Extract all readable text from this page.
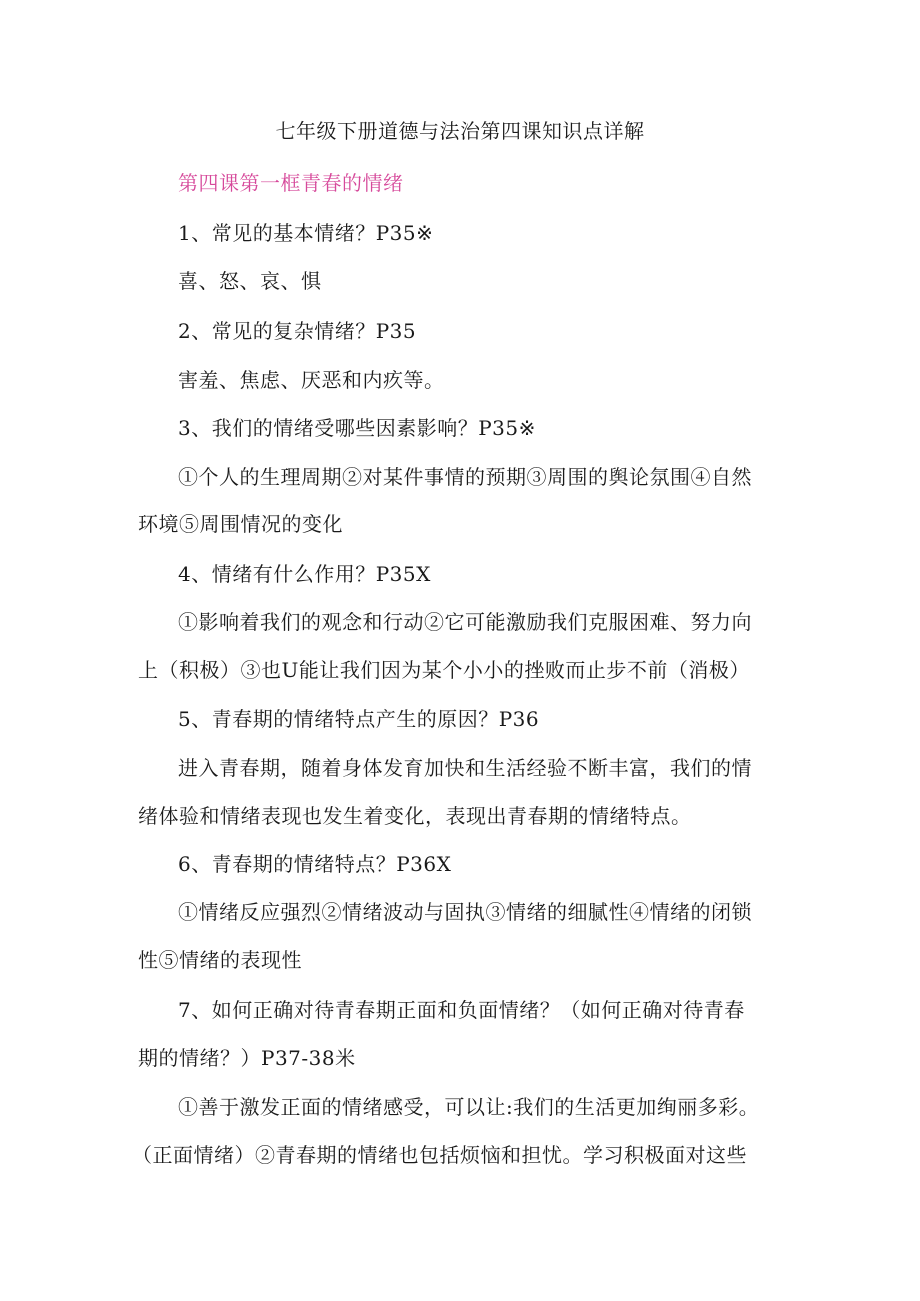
七年级下册道德与法治第四课知识点详解
第四课第一框青春的情绪
1、常见的基本情绪？P35※
喜、怒、哀、惧
2、常见的复杂情绪？P35
害羞、焦虑、厌恶和内疚等。
3、我们的情绪受哪些因素影响？P35※
①个人的生理周期②对某件事情的预期③周围的舆论氛围④自然
环境⑤周围情况的变化
4、情绪有什么作用？P35X
①影响着我们的观念和行动②它可能激励我们克服困难、努力向
上（积极）③也U能让我们因为某个小小的挫败而止步不前（消极）
5、青春期的情绪特点产生的原因？P36
进入青春期，随着身体发育加快和生活经验不断丰富，我们的情
绪体验和情绪表现也发生着变化，表现出青春期的情绪特点。
6、青春期的情绪特点？P36X
①情绪反应强烈②情绪波动与固执③情绪的细腻性④情绪的闭锁
性⑤情绪的表现性
7、如何正确对待青春期正面和负面情绪？（如何正确对待青春
期的情绪？）P37-38米
①善于激发正面的情绪感受，可以让:我们的生活更加绚丽多彩。
（正面情绪）②青春期的情绪也包括烦恼和担忧。学习积极面对这些
